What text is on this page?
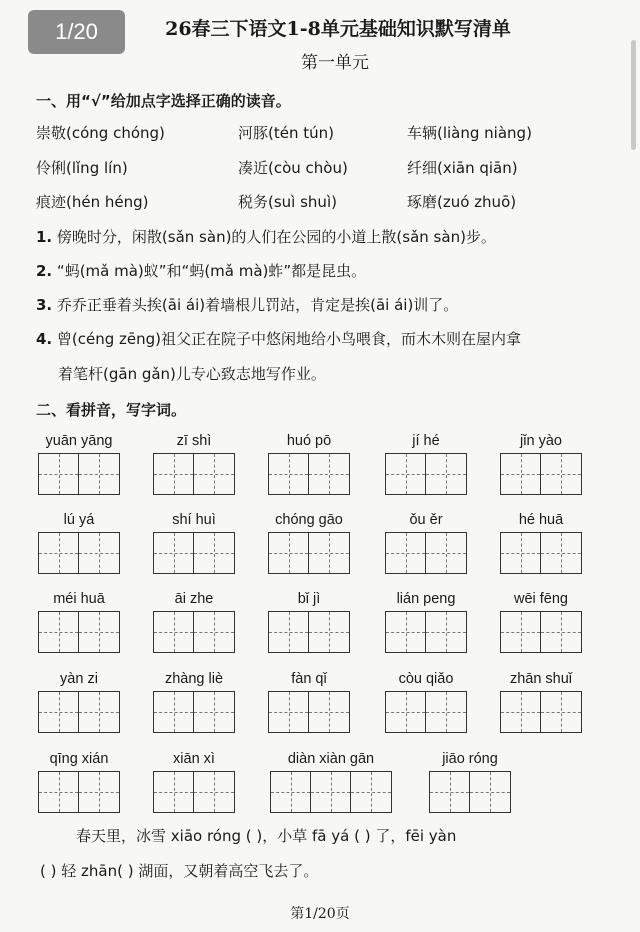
1/20	26春三下语文1-8单元基础知识默写清单
第一单元
一、用“√”给加点字选择正确的读音。
崇敬(cóng chóng)	河豚(tén tún)	车辆(liàng niàng)
伶俐(lǐng lín)	凑近(còu chòu)	纤细(xiān qiān)
痕迹(hén héng)	税务(suì shuì)	琢磨(zuó zhuō)
1. 傍晚时分，闲散(sǎn sàn)的人们在公园的小道上散(sǎn sàn)步。
2. “蚂(mǎ mà)蚁”和“蚂(mǎ mà)蚱”都是昆虫。
3. 乔乔正垂着头挨(āi ái)着墙根儿罚站，肯定是挨(āi ái)训了。
4. 曾(céng zēng)祖父正在院子中悠闲地给小鸟喂食，而木木则在屋内拿
着笔杆(gān gǎn)儿专心致志地写作业。
二、看拼音，写字词。
yuān yāng	zī shì	huó pō	jí hé	jǐn yào
lú yá	shí huì	chóng gāo	ǒu ěr	hé huā
méi huā	āi zhe	bǐ jì	lián peng	wēi fēng
yàn zi	zhàng liè	fàn qǐ	còu qiǎo	zhān shuǐ
qīng xián	xiān xì	diàn xiàn gān	jiāo róng
春天里，冰雪 xiāo róng ( )，小草 fā yá ( ) 了，fēi yàn
( ) 轻 zhān( ) 湖面，又朝着高空飞去了。
第1/20页
